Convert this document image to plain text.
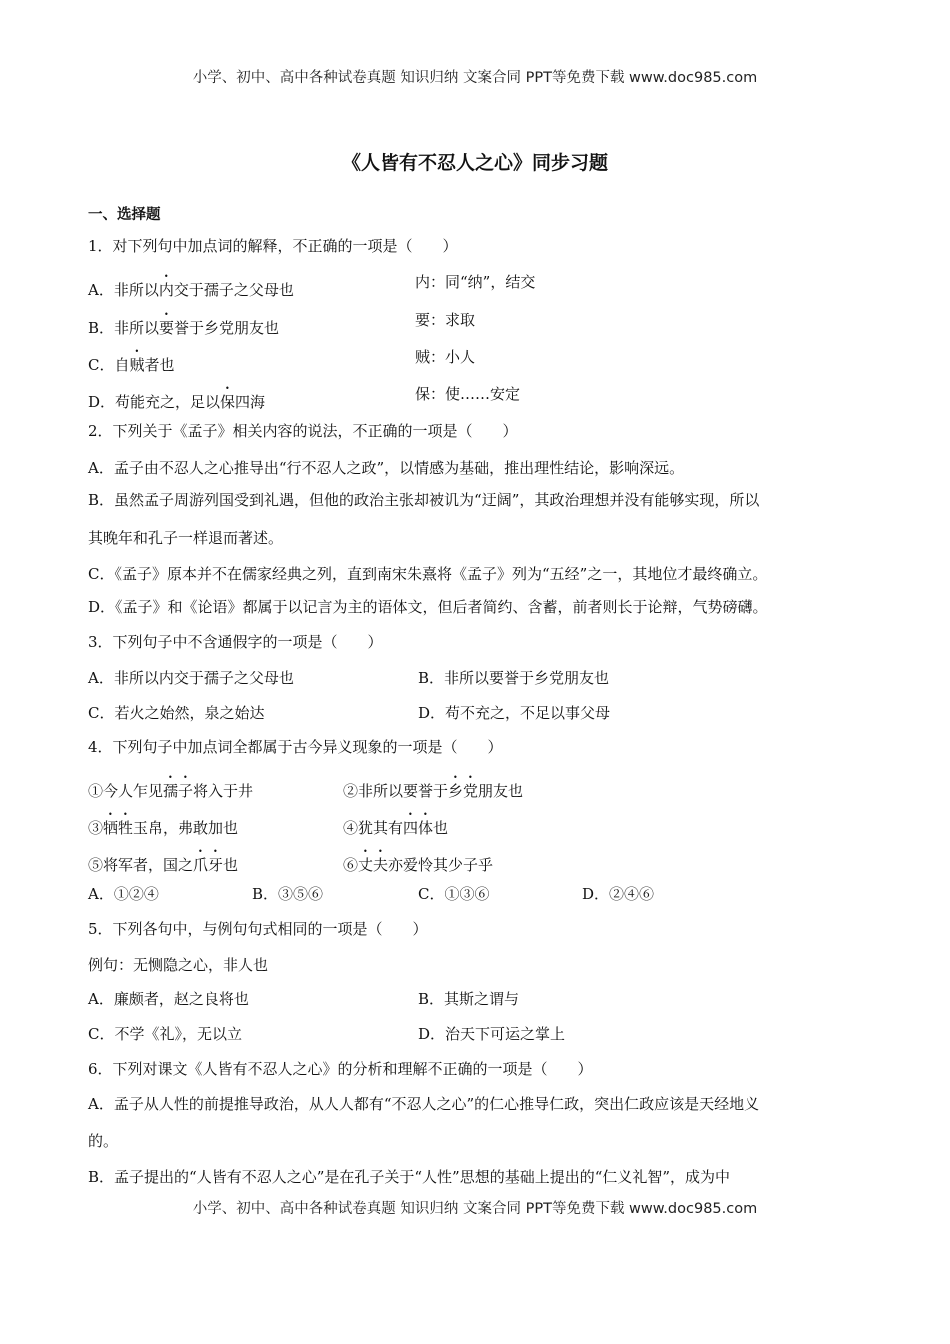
小学、初中、高中各种试卷真题 知识归纳 文案合同 PPT等免费下载 www.doc985.com
《人皆有不忍人之心》同步习题
一、选择题
1．对下列句中加点词的解释，不正确的一项是（　　）
A．非所以内交于孺子之父母也	内：同“纳”，结交
B．非所以要誉于乡党朋友也	要：求取
C．自贼者也	贼：小人
D．苟能充之，足以保四海	保：使……安定
2．下列关于《孟子》相关内容的说法，不正确的一项是（　　）
A．孟子由不忍人之心推导出“行不忍人之政”，以情感为基础，推出理性结论，影响深远。
B．虽然孟子周游列国受到礼遇，但他的政治主张却被讥为“迂阔”，其政治理想并没有能够实现，所以
其晚年和孔子一样退而著述。
C．《孟子》原本并不在儒家经典之列，直到南宋朱熹将《孟子》列为“五经”之一，其地位才最终确立。
D．《孟子》和《论语》都属于以记言为主的语体文，但后者简约、含蓄，前者则长于论辩，气势磅礴。
3．下列句子中不含通假字的一项是（　　）
A．非所以内交于孺子之父母也	B．非所以要誉于乡党朋友也
C．若火之始然，泉之始达	D．苟不充之，不足以事父母
4．下列句子中加点词全都属于古今异义现象的一项是（　　）
①今人乍见孺子将入于井	②非所以要誉于乡党朋友也
③牺牲玉帛，弗敢加也	④犹其有四体也
⑤将军者，国之爪牙也	⑥丈夫亦爱怜其少子乎
A．①②④	B．③⑤⑥	C．①③⑥	D．②④⑥
5．下列各句中，与例句句式相同的一项是（　　）
例句：无恻隐之心，非人也
A．廉颇者，赵之良将也	B．其斯之谓与
C．不学《礼》，无以立	D．治天下可运之掌上
6．下列对课文《人皆有不忍人之心》的分析和理解不正确的一项是（　　）
A．孟子从人性的前提推导政治，从人人都有“不忍人之心”的仁心推导仁政，突出仁政应该是天经地义
的。
B．孟子提出的“人皆有不忍人之心”是在孔子关于“人性”思想的基础上提出的“仁义礼智”，成为中
小学、初中、高中各种试卷真题 知识归纳 文案合同 PPT等免费下载 www.doc985.com
